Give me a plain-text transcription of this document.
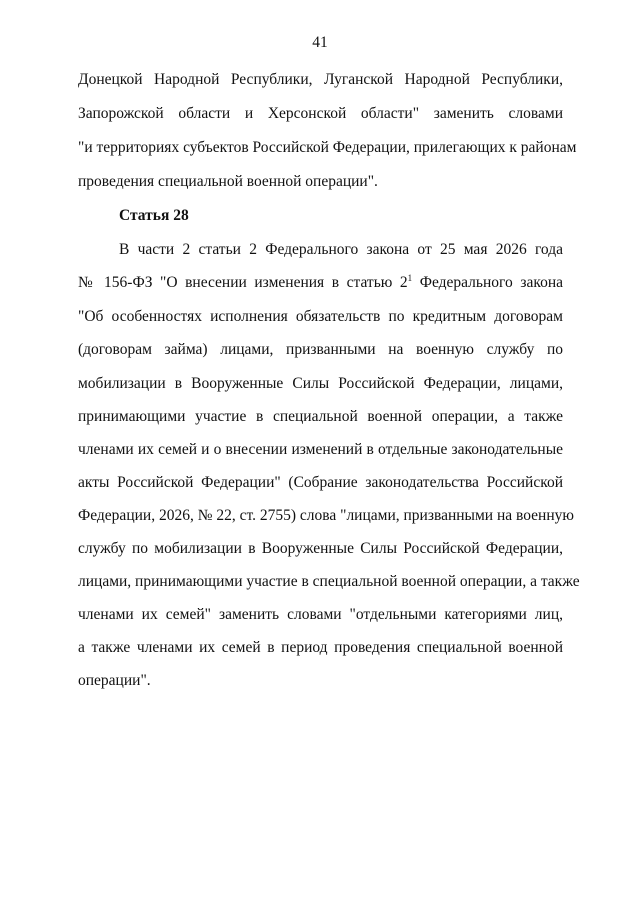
41
Донецкой Народной Республики, Луганской Народной Республики,
Запорожской области и Херсонской области" заменить словами
"и территориях субъектов Российской Федерации, прилегающих к районам
проведения специальной военной операции".
Статья 28
В части 2 статьи 2 Федерального закона от 25 мая 2026 года
№ 156-ФЗ "О внесении изменения в статью $2^1$ Федерального закона
"Об особенностях исполнения обязательств по кредитным договорам
(договорам займа) лицами, призванными на военную службу по
мобилизации в Вооруженные Силы Российской Федерации, лицами,
принимающими участие в специальной военной операции, а также
членами их семей и о внесении изменений в отдельные законодательные
акты Российской Федерации" (Собрание законодательства Российской
Федерации, 2026, № 22, ст. 2755) слова "лицами, призванными на военную
службу по мобилизации в Вооруженные Силы Российской Федерации,
лицами, принимающими участие в специальной военной операции, а также
членами их семей" заменить словами "отдельными категориями лиц,
а также членами их семей в период проведения специальной военной
операции".
